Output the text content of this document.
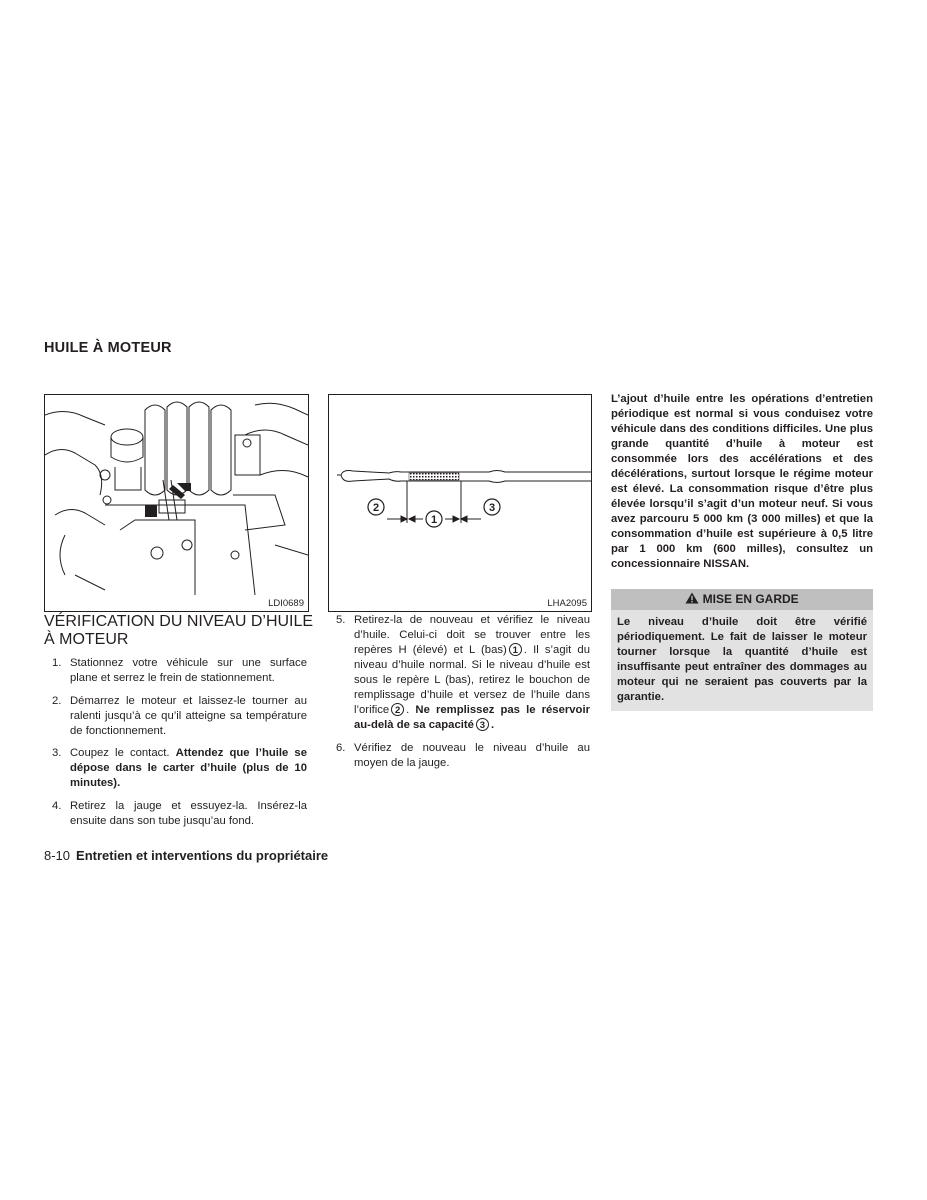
HUILE À MOTEUR
LDI0689
2
1
3
LHA2095
VÉRIFICATION DU NIVEAU D’HUILE
À MOTEUR
1. Stationnez votre véhicule sur une surface plane et serrez le frein de stationnement.
2. Démarrez le moteur et laissez-le tourner au ralenti jusqu’à ce qu’il atteigne sa température de fonctionnement.
3. Coupez le contact. Attendez que l’huile se dépose dans le carter d’huile (plus de 10 minutes).
4. Retirez la jauge et essuyez-la. Insérez-la ensuite dans son tube jusqu’au fond.
5. Retirez-la de nouveau et vérifiez le niveau d’huile. Celui-ci doit se trouver entre les repères H (élevé) et L (bas) 1 . Il s’agit du niveau d’huile normal. Si le niveau d’huile est sous le repère L (bas), retirez le bouchon de remplissage d’huile et versez de l’huile dans l’orifice 2 . Ne remplissez pas le réservoir au-delà de sa capacité 3 .
6. Vérifiez de nouveau le niveau d’huile au moyen de la jauge.
L’ajout d’huile entre les opérations d’entretien périodique est normal si vous conduisez votre véhicule dans des conditions difficiles. Une plus grande quantité d’huile à moteur est consommée lors des accélérations et des décélérations, surtout lorsque le régime moteur est élevé. La consommation risque d’être plus élevée lorsqu’il s’agit d’un moteur neuf. Si vous avez parcouru 5 000 km (3 000 milles) et que la consommation d’huile est supérieure à 0,5 litre par 1 000 km (600 milles), consultez un concessionnaire NISSAN.
MISE EN GARDE
Le niveau d’huile doit être vérifié périodiquement. Le fait de laisser le moteur tourner lorsque la quantité d’huile est insuffisante peut entraîner des dommages au moteur qui ne seraient pas couverts par la garantie.
8-10 Entretien et interventions du propriétaire
